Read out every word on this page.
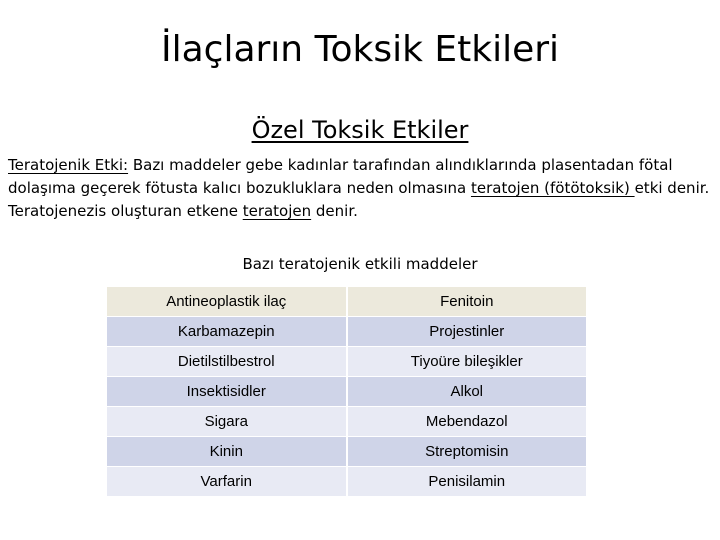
İlaçların Toksik Etkileri
Özel Toksik Etkiler
Teratojenik Etki: Bazı maddeler gebe kadınlar tarafından alındıklarında plasentadan fötal dolaşıma geçerek fötusta kalıcı bozukluklara neden olmasına teratojen (fötötoksik) etki denir. Teratojenezis oluşturan etkene teratojen denir.
Bazı teratojenik etkili maddeler
Antineoplastik ilaç	Fenitoin
Karbamazepin	Projestinler
Dietilstilbestrol	Tiyoüre bileşikler
Insektisidler	Alkol
Sigara	Mebendazol
Kinin	Streptomisin
Varfarin	Penisilamin
